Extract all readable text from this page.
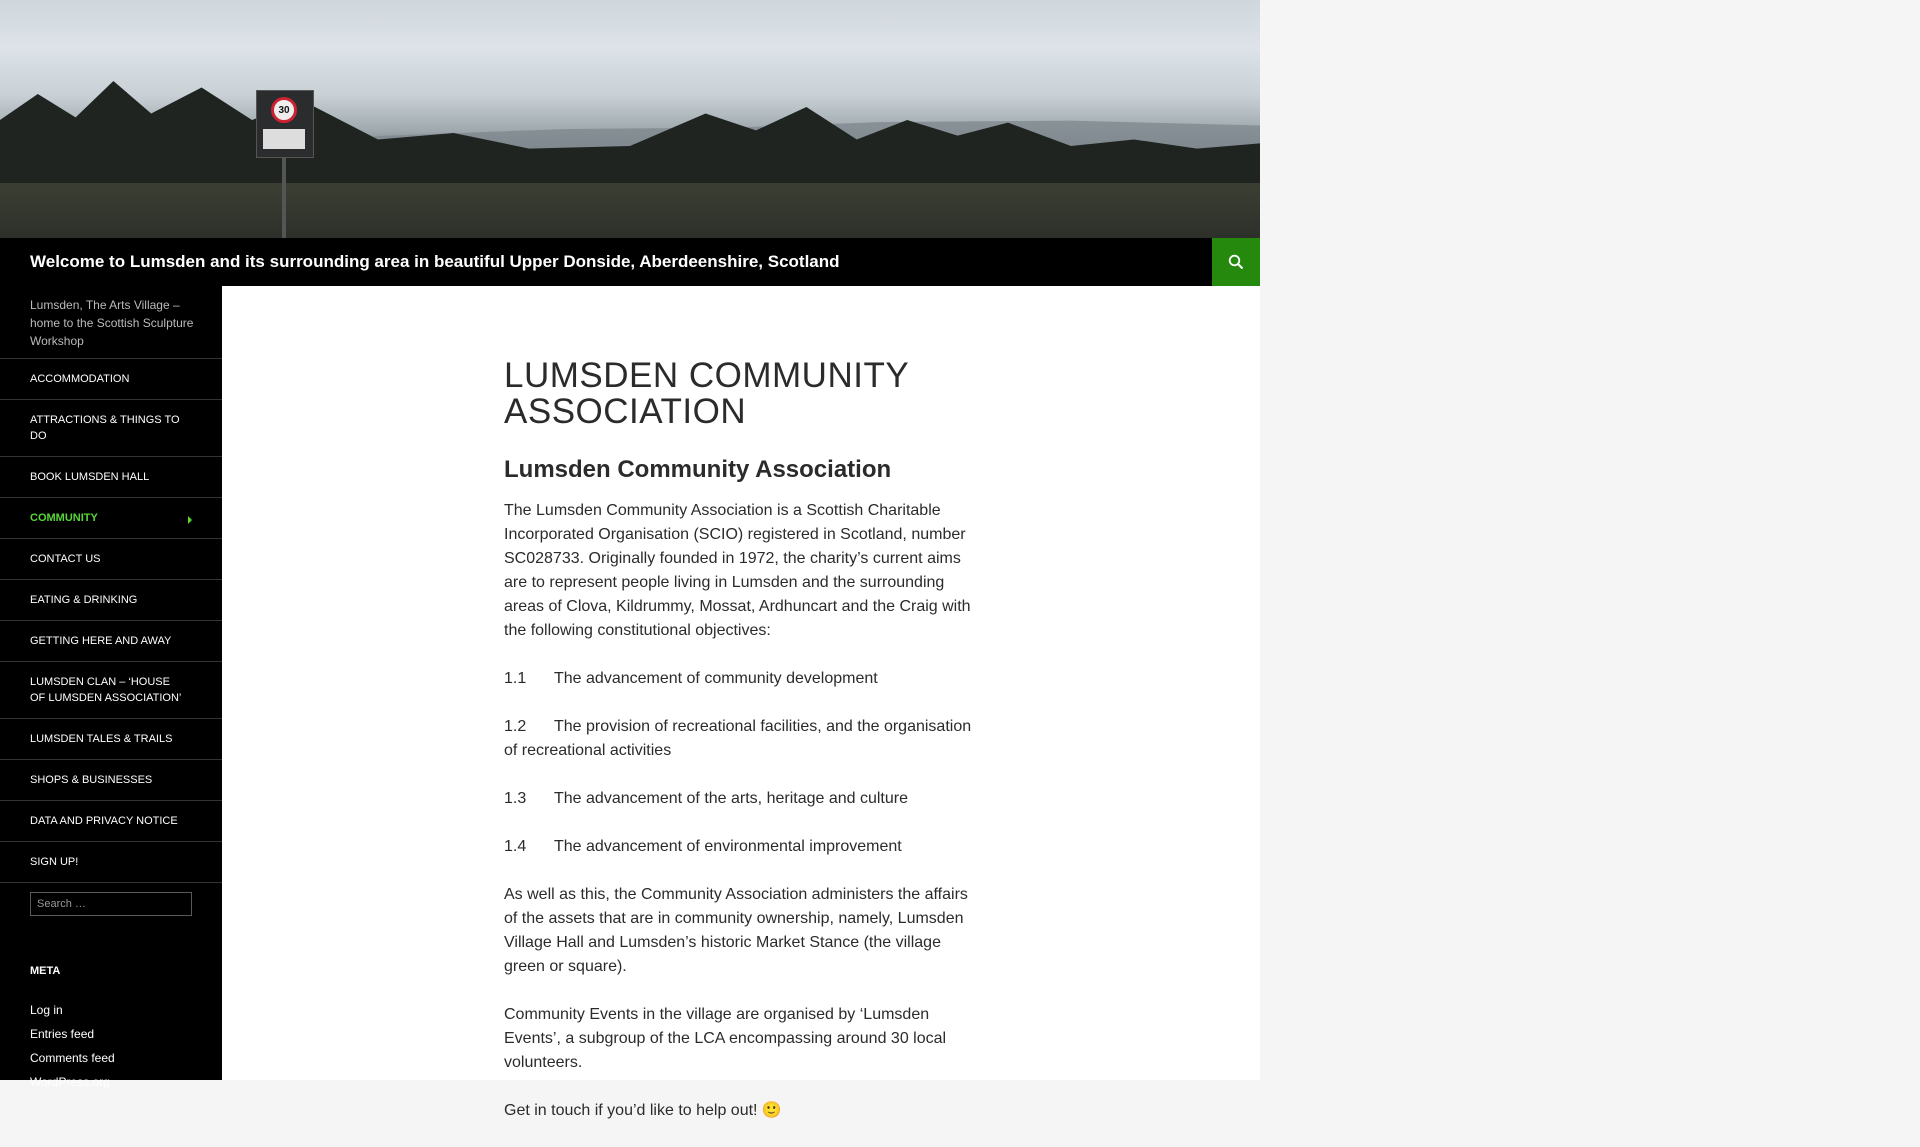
30
Welcome to Lumsden and its surrounding area in beautiful Upper Donside, Aberdeenshire, Scotland
Lumsden, The Arts Village – home to the Scottish Sculpture Workshop
ACCOMMODATION
ATTRACTIONS & THINGS TO DO
BOOK LUMSDEN HALL
COMMUNITY
CONTACT US
EATING & DRINKING
GETTING HERE AND AWAY
LUMSDEN CLAN – ‘HOUSE OF LUMSDEN ASSOCIATION’
LUMSDEN TALES & TRAILS
SHOPS & BUSINESSES
DATA AND PRIVACY NOTICE
SIGN UP!
Search …
META
Log in
Entries feed
Comments feed
WordPress.org
LUMSDEN COMMUNITY ASSOCIATION
Lumsden Community Association

The Lumsden Community Association is a Scottish Charitable Incorporated Organisation (SCIO) registered in Scotland, number SC028733. Originally founded in 1972, the charity’s current aims are to represent people living in Lumsden and the surrounding areas of Clova, Kildrummy, Mossat, Ardhuncart and the Craig with the following constitutional objectives:

1.1 The advancement of community development

1.2 The provision of recreational facilities, and the organisation of recreational activities

1.3 The advancement of the arts, heritage and culture

1.4 The advancement of environmental improvement

As well as this, the Community Association administers the affairs of the assets that are in community ownership, namely, Lumsden Village Hall and Lumsden’s historic Market Stance (the village green or square).

Community Events in the village are organised by ‘Lumsden Events’, a subgroup of the LCA encompassing around 30 local volunteers.

Get in touch if you’d like to help out! 🙂
